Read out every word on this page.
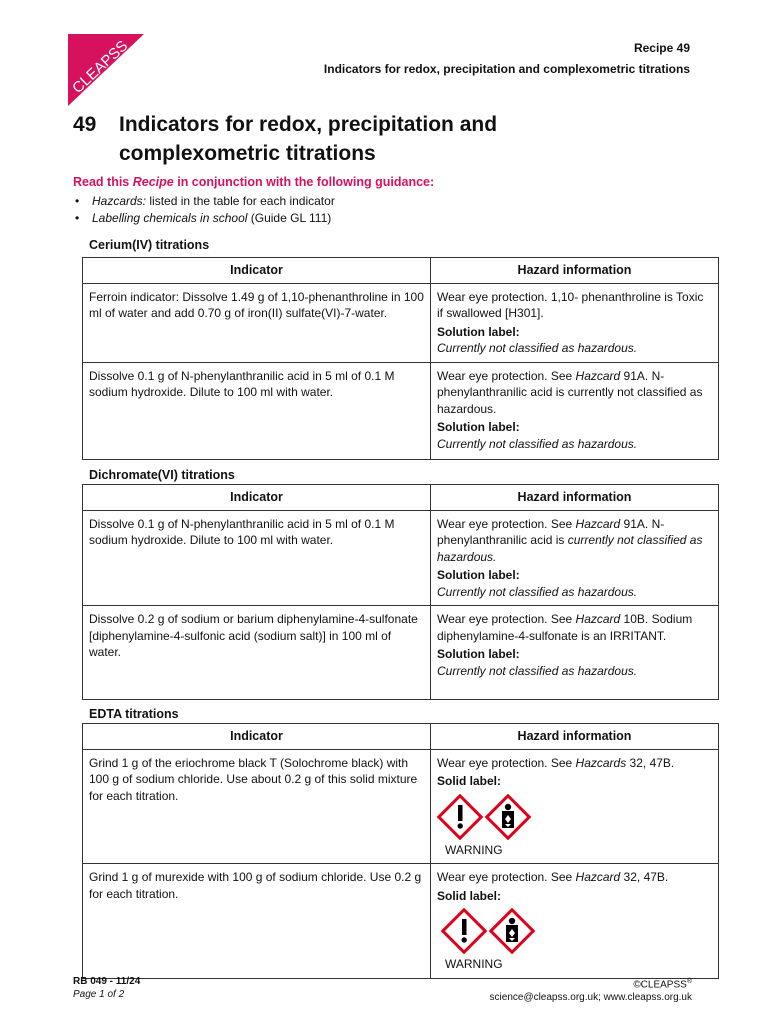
CLEAPSS	Recipe 49
Indicators for redox, precipitation and complexometric titrations
49 Indicators for redox, precipitation and
complexometric titrations
Read this Recipe in conjunction with the following guidance:
•	Hazcards: listed in the table for each indicator
•	Labelling chemicals in school (Guide GL 111)
Cerium(IV) titrations
Indicator	Hazard information
Ferroin indicator: Dissolve 1.49 g of 1,10-phenanthroline in 100 ml of water and add 0.70 g of iron(II) sulfate(VI)-7-water.	Wear eye protection. 1,10- phenanthroline is Toxic if swallowed [H301].
Solution label:
Currently not classified as hazardous.

Dissolve 0.1 g of N-phenylanthranilic acid in 5 ml of 0.1 M sodium hydroxide. Dilute to 100 ml with water.	Wear eye protection. See Hazcard 91A. N-phenylanthranilic acid is currently not classified as hazardous.
Solution label:
Currently not classified as hazardous.
Dichromate(VI) titrations
Indicator	Hazard information
Dissolve 0.1 g of N-phenylanthranilic acid in 5 ml of 0.1 M sodium hydroxide. Dilute to 100 ml with water.	Wear eye protection. See Hazcard 91A. N-phenylanthranilic acid is currently not classified as hazardous.
Solution label:
Currently not classified as hazardous.

Dissolve 0.2 g of sodium or barium diphenylamine-4-sulfonate [diphenylamine-4-sulfonic acid (sodium salt)] in 100 ml of water.	Wear eye protection. See Hazcard 10B. Sodium diphenylamine-4-sulfonate is an IRRITANT.
Solution label:
Currently not classified as hazardous.
EDTA titrations
Indicator	Hazard information
Grind 1 g of the eriochrome black T (Solochrome black) with 100 g of sodium chloride. Use about 0.2 g of this solid mixture for each titration.	Wear eye protection. See Hazcards 32, 47B.
Solid label:
WARNING

Grind 1 g of murexide with 100 g of sodium chloride. Use 0.2 g for each titration.	Wear eye protection. See Hazcard 32, 47B.
Solid label:
WARNING
RB 049 - 11/24
Page 1 of 2
©CLEAPSS®
science@cleapss.org.uk; www.cleapss.org.uk
